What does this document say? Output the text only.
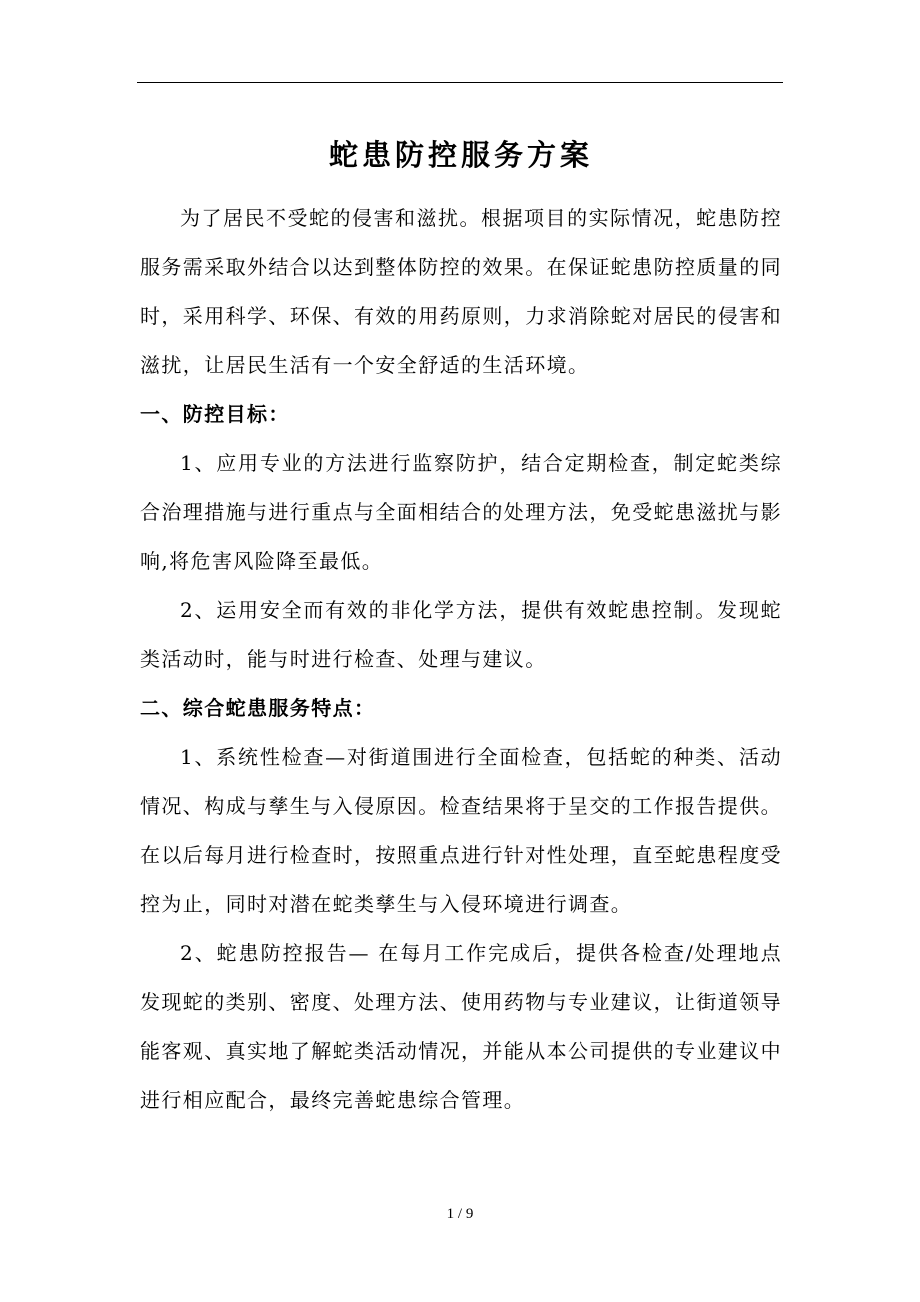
蛇患防控服务方案

为了居民不受蛇的侵害和滋扰。根据项目的实际情况，蛇患防控服务需采取外结合以达到整体防控的效果。在保证蛇患防控质量的同时，采用科学、环保、有效的用药原则，力求消除蛇对居民的侵害和滋扰，让居民生活有一个安全舒适的生活环境。

一、防控目标：

1、应用专业的方法进行监察防护，结合定期检查，制定蛇类综合治理措施与进行重点与全面相结合的处理方法，免受蛇患滋扰与影响,将危害风险降至最低。

2、运用安全而有效的非化学方法，提供有效蛇患控制。发现蛇类活动时，能与时进行检查、处理与建议。

二、综合蛇患服务特点：

1、系统性检查—对街道围进行全面检查，包括蛇的种类、活动情况、构成与孳生与入侵原因。检查结果将于呈交的工作报告提供。在以后每月进行检查时，按照重点进行针对性处理，直至蛇患程度受控为止，同时对潜在蛇类孳生与入侵环境进行调查。

2、蛇患防控报告— 在每月工作完成后，提供各检查/处理地点发现蛇的类别、密度、处理方法、使用药物与专业建议，让街道领导能客观、真实地了解蛇类活动情况，并能从本公司提供的专业建议中进行相应配合，最终完善蛇患综合管理。

1 / 9
